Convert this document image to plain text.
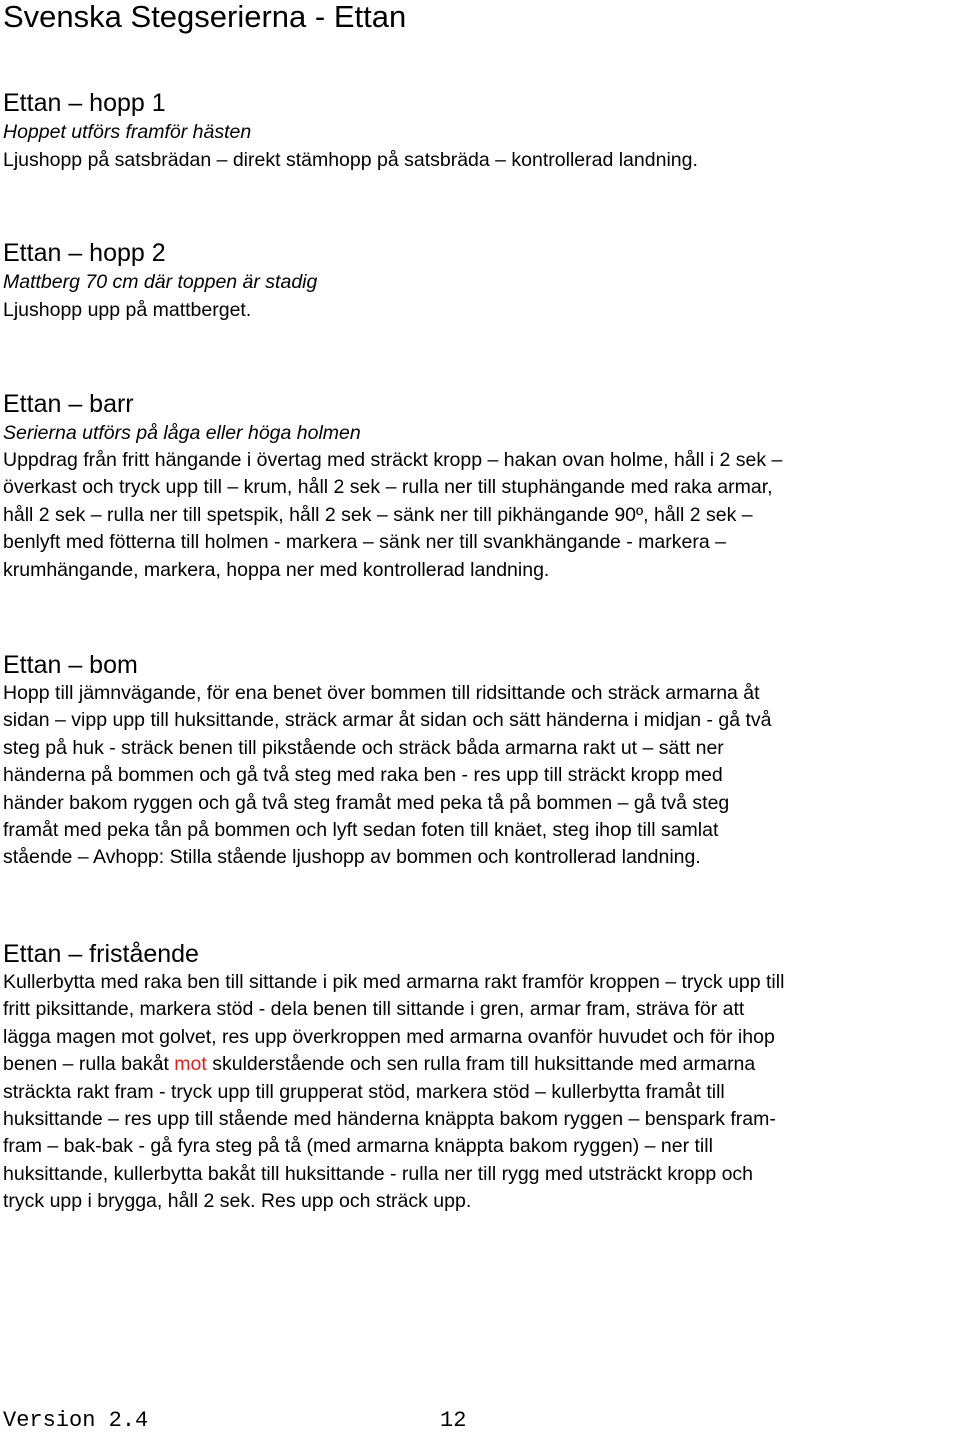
Svenska Stegserierna - Ettan
Ettan – hopp 1

Hoppet utförs framför hästen

Ljushopp på satsbrädan – direkt stämhopp på satsbräda – kontrollerad landning.

Ettan – hopp 2

Mattberg 70 cm där toppen är stadig

Ljushopp upp på mattberget.

Ettan – barr

Serierna utförs på låga eller höga holmen

Uppdrag från fritt hängande i övertag med sträckt kropp – hakan ovan holme, håll i 2 sek –
överkast och tryck upp till – krum, håll 2 sek – rulla ner till stuphängande med raka armar,
håll 2 sek – rulla ner till spetspik, håll 2 sek – sänk ner till pikhängande 90º, håll 2 sek –
benlyft med fötterna till holmen - markera – sänk ner till svankhängande - markera –
krumhängande, markera, hoppa ner med kontrollerad landning.

Ettan – bom

Hopp till jämnvägande, för ena benet över bommen till ridsittande och sträck armarna åt
sidan – vipp upp till huksittande, sträck armar åt sidan och sätt händerna i midjan - gå två
steg på huk - sträck benen till pikstående och sträck båda armarna rakt ut – sätt ner
händerna på bommen och gå två steg med raka ben - res upp till sträckt kropp med
händer bakom ryggen och gå två steg framåt med peka tå på bommen – gå två steg
framåt med peka tån på bommen och lyft sedan foten till knäet, steg ihop till samlat
stående – Avhopp: Stilla stående ljushopp av bommen och kontrollerad landning.

Ettan – fristående

Kullerbytta med raka ben till sittande i pik med armarna rakt framför kroppen – tryck upp till
fritt piksittande, markera stöd - dela benen till sittande i gren, armar fram, sträva för att
lägga magen mot golvet, res upp överkroppen med armarna ovanför huvudet och för ihop
benen – rulla bakåt mot skulderstående och sen rulla fram till huksittande med armarna
sträckta rakt fram - tryck upp till grupperat stöd, markera stöd – kullerbytta framåt till
huksittande – res upp till stående med händerna knäppta bakom ryggen – benspark fram-
fram – bak-bak - gå fyra steg på tå (med armarna knäppta bakom ryggen) – ner till
huksittande, kullerbytta bakåt till huksittande - rulla ner till rygg med utsträckt kropp och
tryck upp i brygga, håll 2 sek. Res upp och sträck upp.

Version 2.4	12
